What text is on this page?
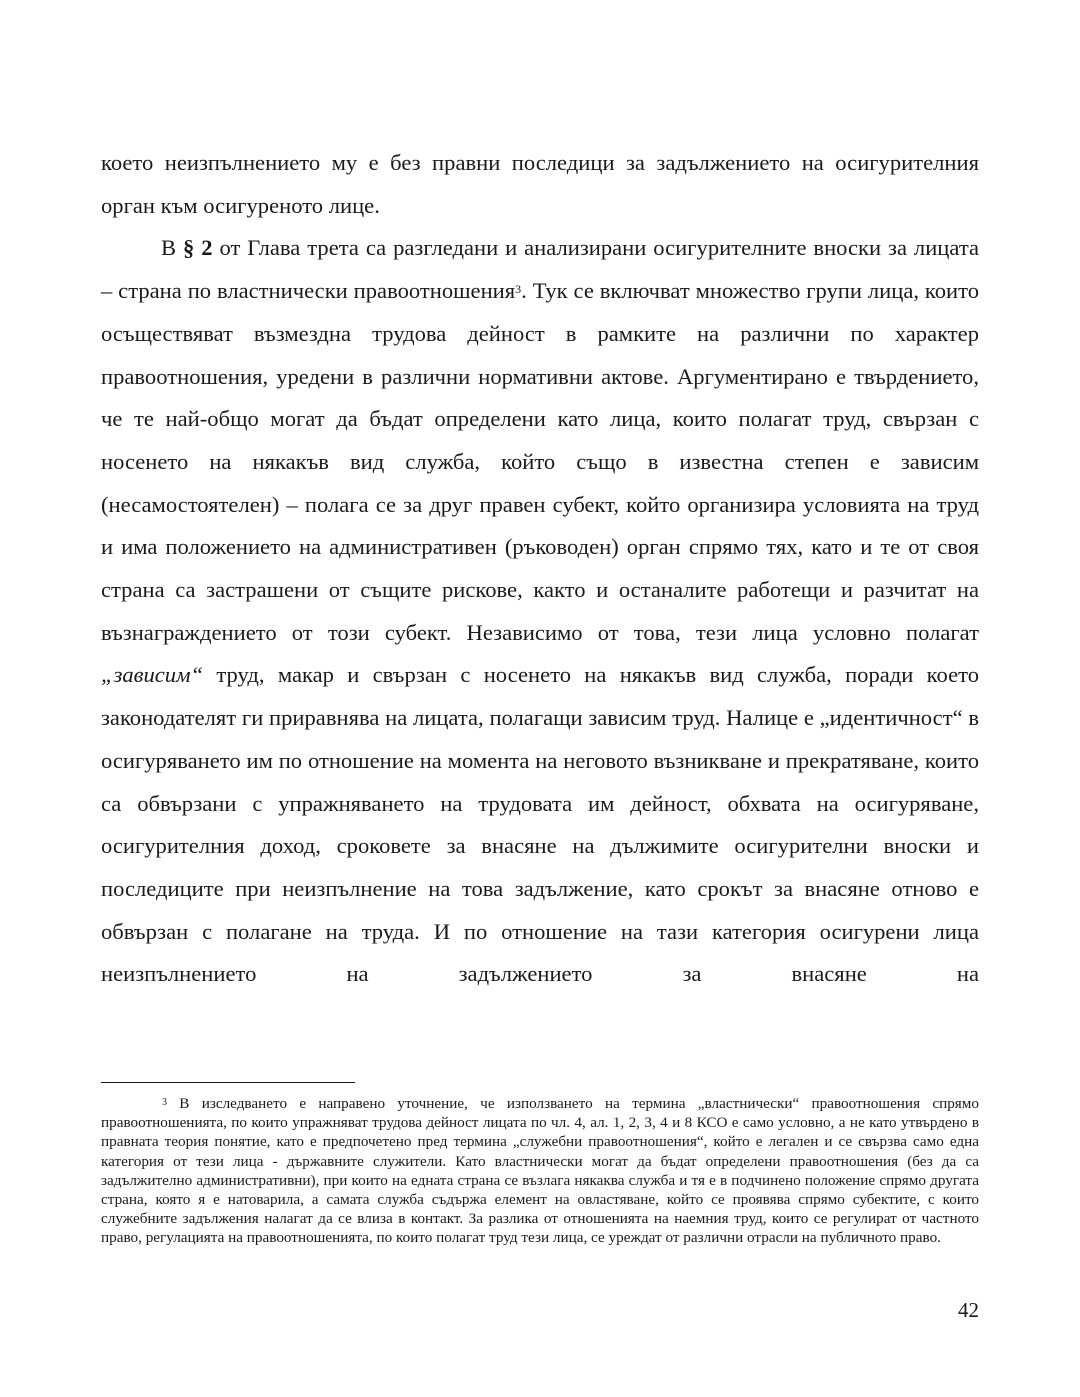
което неизпълнението му е без правни последици за задължението на осигурителния орган към осигуреното лице.

В § 2 от Глава трета са разгледани и анализирани осигурителните вноски за лицата – страна по властнически правоотношения$^3$. Тук се включват множество групи лица, които осъществяват възмездна трудова дейност в рамките на различни по характер правоотношения, уредени в различни нормативни актове. Аргументирано е твърдението, че те най-общо могат да бъдат определени като лица, които полагат труд, свързан с носенето на някакъв вид служба, който също в известна степен е зависим (несамостоятелен) – полага се за друг правен субект, който организира условията на труд и има положението на административен (ръководен) орган спрямо тях, като и те от своя страна са застрашени от същите рискове, както и останалите работещи и разчитат на възнаграждението от този субект. Независимо от това, тези лица условно полагат „зависим“ труд, макар и свързан с носенето на някакъв вид служба, поради което законодателят ги приравнява на лицата, полагащи зависим труд. Налице е „идентичност“ в осигуряването им по отношение на момента на неговото възникване и прекратяване, които са обвързани с упражняването на трудовата им дейност, обхвата на осигуряване, осигурителния доход, сроковете за внасяне на дължимите осигурителни вноски и последиците при неизпълнение на това задължение, като срокът за внасяне отново е обвързан с полагане на труда. И по отношение на тази категория осигурени лица неизпълнението на задължението за внасяне на

$^3$ В изследването е направено уточнение, че използването на термина „властнически“ правоотношения спрямо правоотношенията, по които упражняват трудова дейност лицата по чл. 4, ал. 1, 2, 3, 4 и 8 КСО е само условно, а не като утвърдено в правната теория понятие, като е предпочетено пред термина „служебни правоотношения“, който е легален и се свързва само една категория от тези лица - държавните служители. Като властнически могат да бъдат определени правоотношения (без да са задължително административни), при които на едната страна се възлага някаква служба и тя е в подчинено положение спрямо другата страна, която я е натоварила, а самата служба съдържа елемент на овластяване, който се проявява спрямо субектите, с които служебните задължения налагат да се влиза в контакт. За разлика от отношенията на наемния труд, които се регулират от частното право, регулацията на правоотношенията, по които полагат труд тези лица, се уреждат от различни отрасли на публичното право.

42
